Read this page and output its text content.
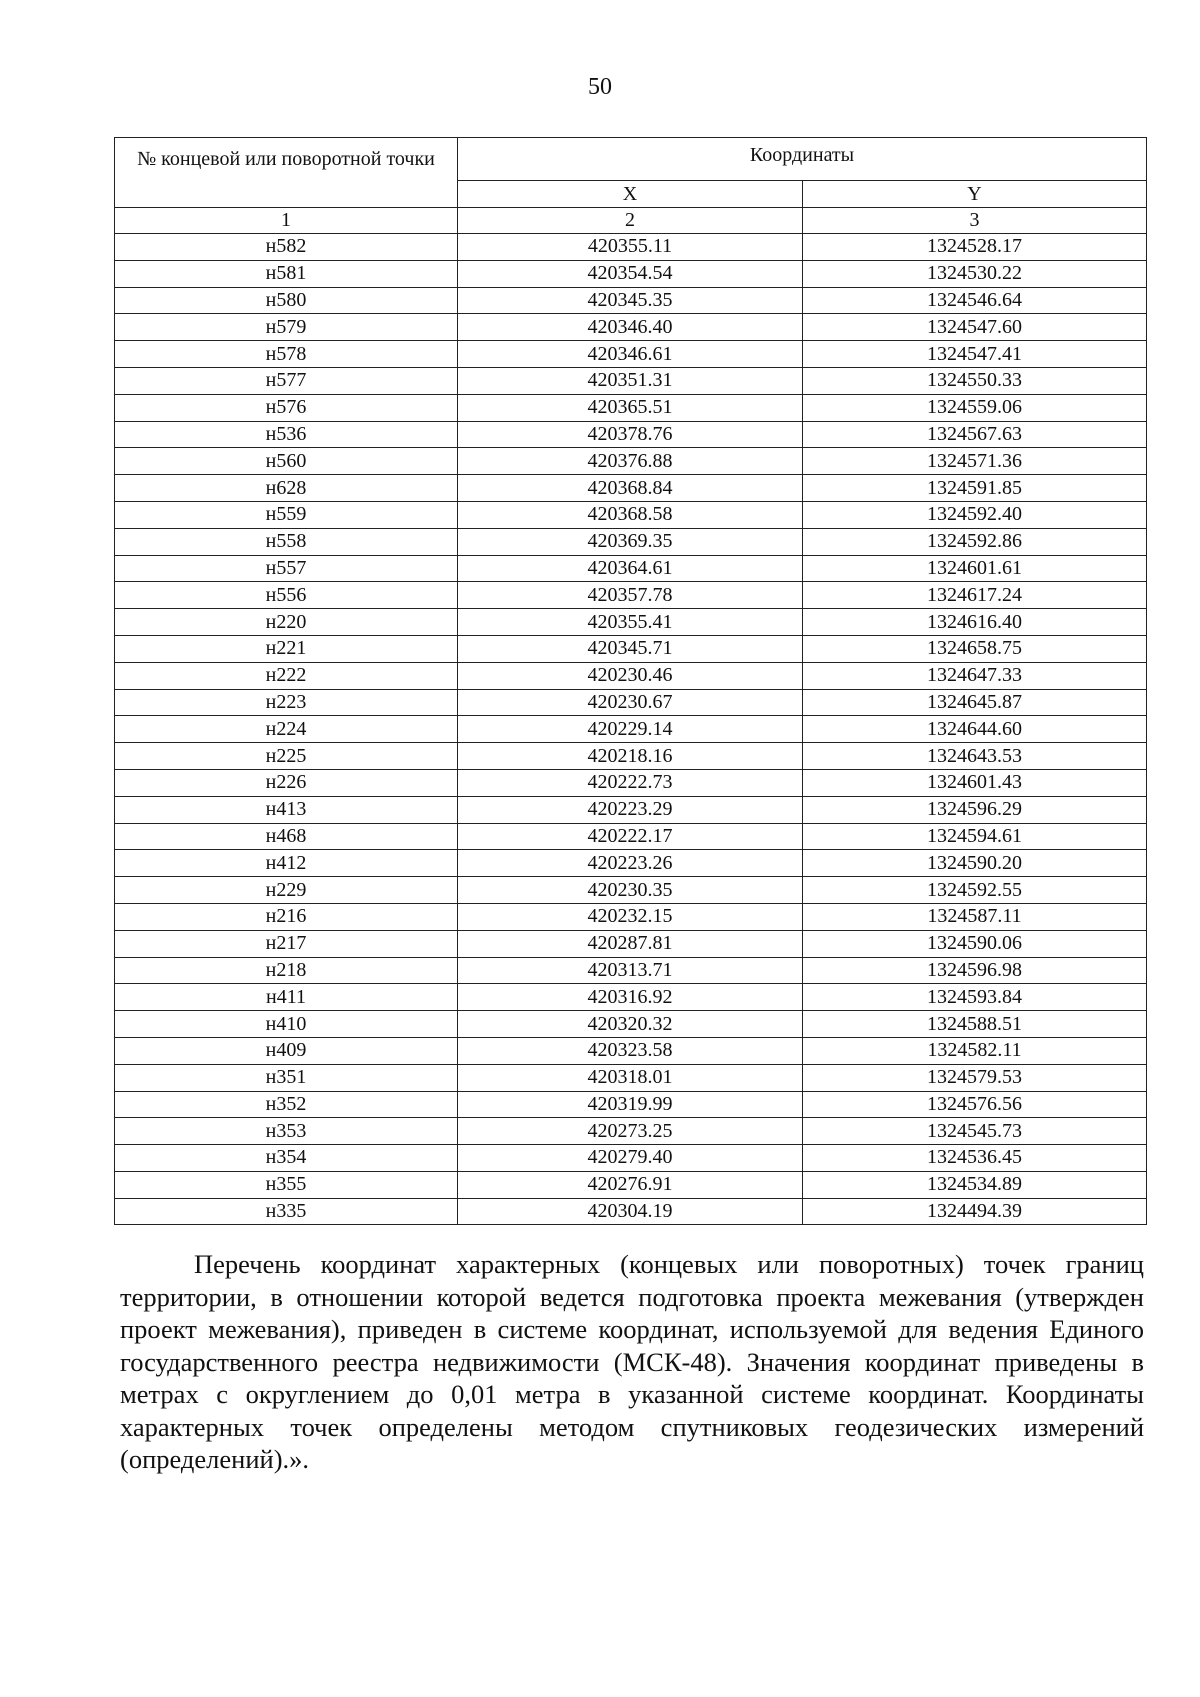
50
№ концевой или поворотной точки	Координаты	
	X	Y
1	2	3
н582	420355.11	1324528.17
н581	420354.54	1324530.22
н580	420345.35	1324546.64
н579	420346.40	1324547.60
н578	420346.61	1324547.41
н577	420351.31	1324550.33
н576	420365.51	1324559.06
н536	420378.76	1324567.63
н560	420376.88	1324571.36
н628	420368.84	1324591.85
н559	420368.58	1324592.40
н558	420369.35	1324592.86
н557	420364.61	1324601.61
н556	420357.78	1324617.24
н220	420355.41	1324616.40
н221	420345.71	1324658.75
н222	420230.46	1324647.33
н223	420230.67	1324645.87
н224	420229.14	1324644.60
н225	420218.16	1324643.53
н226	420222.73	1324601.43
н413	420223.29	1324596.29
н468	420222.17	1324594.61
н412	420223.26	1324590.20
н229	420230.35	1324592.55
н216	420232.15	1324587.11
н217	420287.81	1324590.06
н218	420313.71	1324596.98
н411	420316.92	1324593.84
н410	420320.32	1324588.51
н409	420323.58	1324582.11
н351	420318.01	1324579.53
н352	420319.99	1324576.56
н353	420273.25	1324545.73
н354	420279.40	1324536.45
н355	420276.91	1324534.89
н335	420304.19	1324494.39

Перечень координат характерных (концевых или поворотных) точек границ территории, в отношении которой ведется подготовка проекта межевания (утвержден проект межевания), приведен в системе координат, используемой для ведения Единого государственного реестра недвижимости (МСК-48). Значения координат приведены в метрах с округлением до 0,01 метра в указанной системе координат. Координаты характерных точек определены методом спутниковых геодезических измерений (определений).».
